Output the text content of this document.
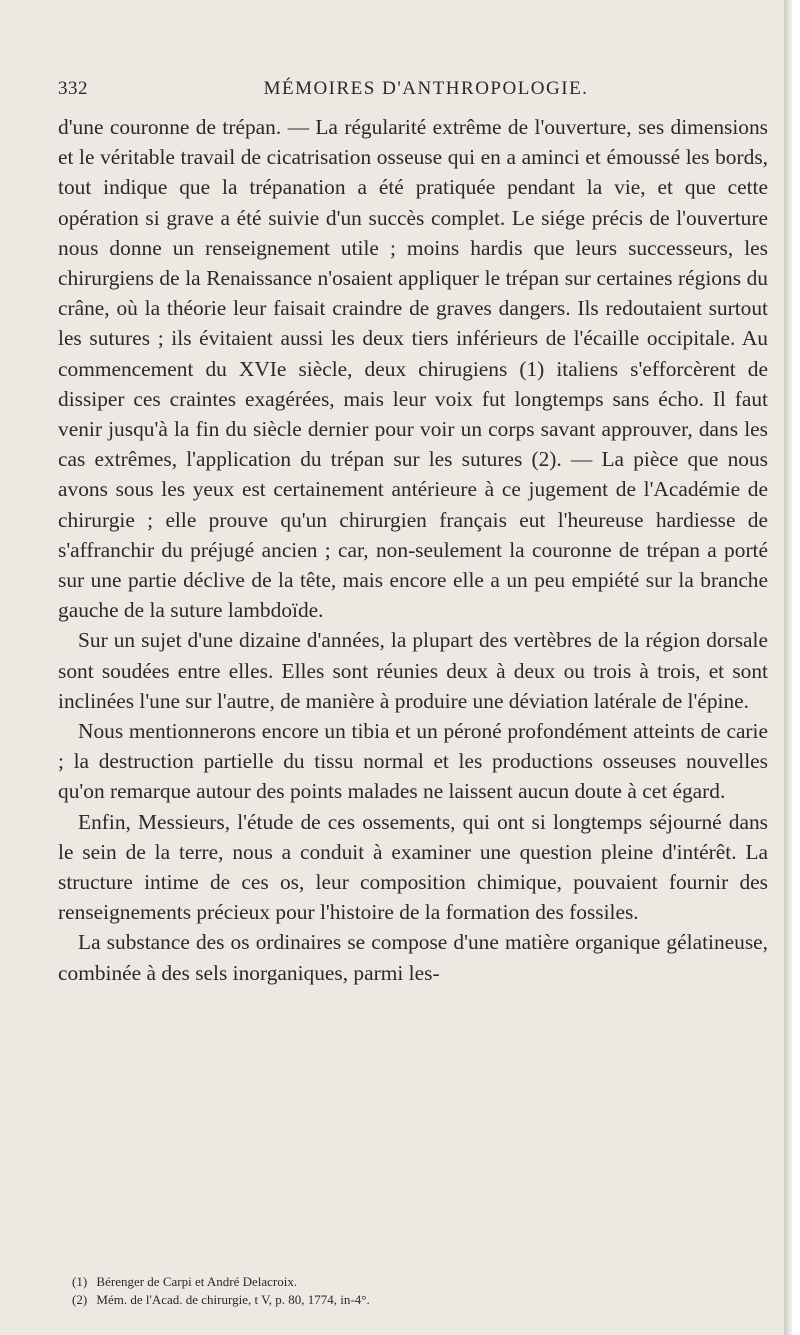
332	MÉMOIRES D'ANTHROPOLOGIE.

d'une couronne de trépan. — La régularité extrême de l'ouverture, ses dimensions et le véritable travail de cicatrisation osseuse qui en a aminci et émoussé les bords, tout indique que la trépanation a été pratiquée pendant la vie, et que cette opération si grave a été suivie d'un succès complet. Le siége précis de l'ouverture nous donne un renseignement utile ; moins hardis que leurs successeurs, les chirurgiens de la Renaissance n'osaient appliquer le trépan sur certaines régions du crâne, où la théorie leur faisait craindre de graves dangers. Ils redoutaient surtout les sutures ; ils évitaient aussi les deux tiers inférieurs de l'écaille occipitale. Au commencement du XVIe siècle, deux chirugiens (1) italiens s'efforcèrent de dissiper ces craintes exagérées, mais leur voix fut longtemps sans écho. Il faut venir jusqu'à la fin du siècle dernier pour voir un corps savant approuver, dans les cas extrêmes, l'application du trépan sur les sutures (2). — La pièce que nous avons sous les yeux est certainement antérieure à ce jugement de l'Académie de chirurgie ; elle prouve qu'un chirurgien français eut l'heureuse hardiesse de s'affranchir du préjugé ancien ; car, non-seulement la couronne de trépan a porté sur une partie déclive de la tête, mais encore elle a un peu empiété sur la branche gauche de la suture lambdoïde.

Sur un sujet d'une dizaine d'années, la plupart des vertèbres de la région dorsale sont soudées entre elles. Elles sont réunies deux à deux ou trois à trois, et sont inclinées l'une sur l'autre, de manière à produire une déviation latérale de l'épine.

Nous mentionnerons encore un tibia et un péroné profondément atteints de carie ; la destruction partielle du tissu normal et les productions osseuses nouvelles qu'on remarque autour des points malades ne laissent aucun doute à cet égard.

Enfin, Messieurs, l'étude de ces ossements, qui ont si longtemps séjourné dans le sein de la terre, nous a conduit à examiner une question pleine d'intérêt. La structure intime de ces os, leur composition chimique, pouvaient fournir des renseignements précieux pour l'histoire de la formation des fossiles.

La substance des os ordinaires se compose d'une matière organique gélatineuse, combinée à des sels inorganiques, parmi les-

(1) Bérenger de Carpi et André Delacroix.
(2) Mém. de l'Acad. de chirurgie, t V, p. 80, 1774, in-4°.
